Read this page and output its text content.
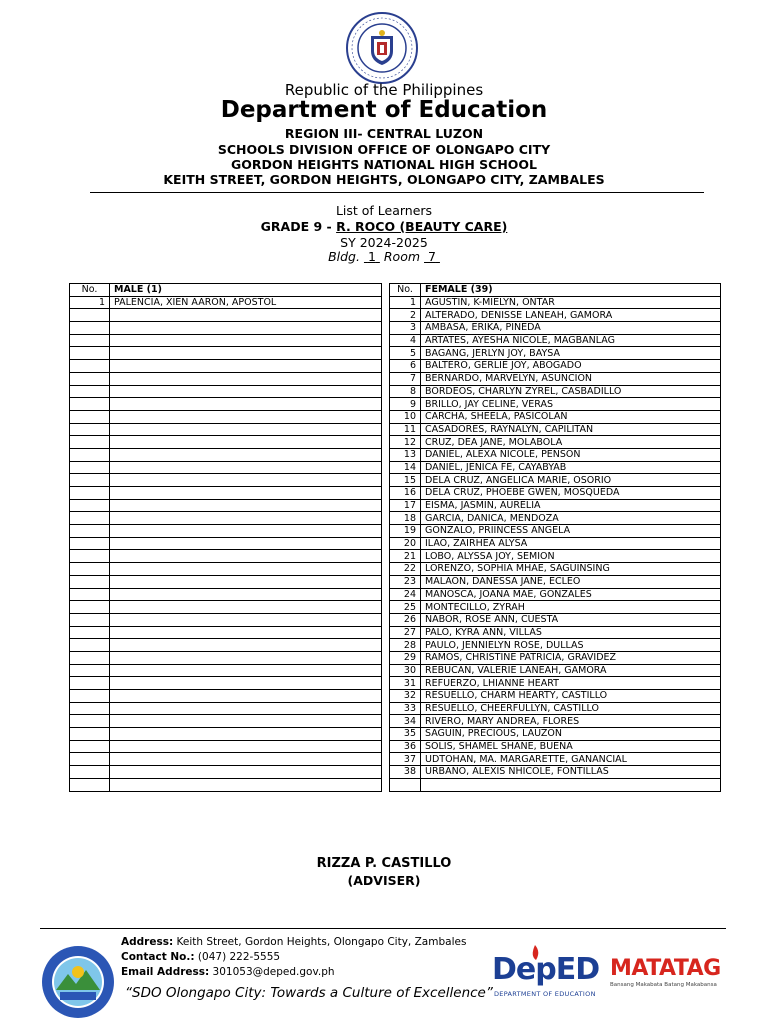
Republic of the Philippines
Department of Education
REGION III- CENTRAL LUZON
SCHOOLS DIVISION OFFICE OF OLONGAPO CITY
GORDON HEIGHTS NATIONAL HIGH SCHOOL
KEITH STREET, GORDON HEIGHTS, OLONGAPO CITY, ZAMBALES
List of Learners
GRADE 9 - R. ROCO (BEAUTY CARE)
SY 2024-2025
Bldg. 1 Room 7
No.	MALE (1)		No.	FEMALE (39)
1	PALENCIA, XIEN AARON, APOSTOL		1	AGUSTIN, K-MIELYN, ONTAR
			2	ALTERADO, DENISSE LANEAH, GAMORA
			3	AMBASA, ERIKA, PINEDA
			4	ARTATES, AYESHA NICOLE, MAGBANLAG
			5	BAGANG, JERLYN JOY, BAYSA
			6	BALTERO, GERLIE JOY, ABOGADO
			7	BERNARDO, MARVELYN, ASUNCION
			8	BORDEOS, CHARLYN ZYREL, CASBADILLO
			9	BRILLO, JAY CELINE, VERAS
			10	CARCHA, SHEELA, PASICOLAN
			11	CASADORES, RAYNALYN, CAPILITAN
			12	CRUZ, DEA JANE, MOLABOLA
			13	DANIEL, ALEXA NICOLE, PENSON
			14	DANIEL, JENICA FE, CAYABYAB
			15	DELA CRUZ, ANGELICA MARIE, OSORIO
			16	DELA CRUZ, PHOEBE GWEN, MOSQUEDA
			17	EISMA, JASMIN, AURELIA
			18	GARCIA, DANICA, MENDOZA
			19	GONZALO, PRIINCESS ANGELA
			20	ILAO, ZAIRHEA ALYSA
			21	LOBO, ALYSSA JOY, SEMION
			22	LORENZO, SOPHIA MHAE, SAGUINSING
			23	MALAON, DANESSA JANE, ECLEO
			24	MAÑOSCA, JOANA MAE, GONZALES
			25	MONTECILLO, ZYRAH
			26	NABOR, ROSE ANN, CUESTA
			27	PALO, KYRA ANN, VILLAS
			28	PAULO, JENNIELYN ROSE, DULLAS
			29	RAMOS, CHRISTINE PATRICIA, GRAVIDEZ
			30	REBUCAN, VALERIE LANEAH, GAMORA
			31	REFUERZO, LHIANNE HEART
			32	RESUELLO, CHARM HEARTY, CASTILLO
			33	RESUELLO, CHEERFULLYN, CASTILLO
			34	RIVERO, MARY ANDREA, FLORES
			35	SAGUIN, PRECIOUS, LAUZON
			36	SOLIS, SHAMEL SHANE, BUENA
			37	UDTOHAN, MA. MARGARETTE, GANANCIAL
			38	URBANO, ALEXIS NHICOLE, FONTILLAS

RIZZA P. CASTILLO
(ADVISER)
Address: Keith Street, Gordon Heights, Olongapo City, Zambales
Contact No.: (047) 222-5555
Email Address: 301053@deped.gov.ph
“SDO Olongapo City: Towards a Culture of Excellence”
DepED
DEPARTMENT OF EDUCATION
MATATAG
Bansang Makabata Batang Makabansa
